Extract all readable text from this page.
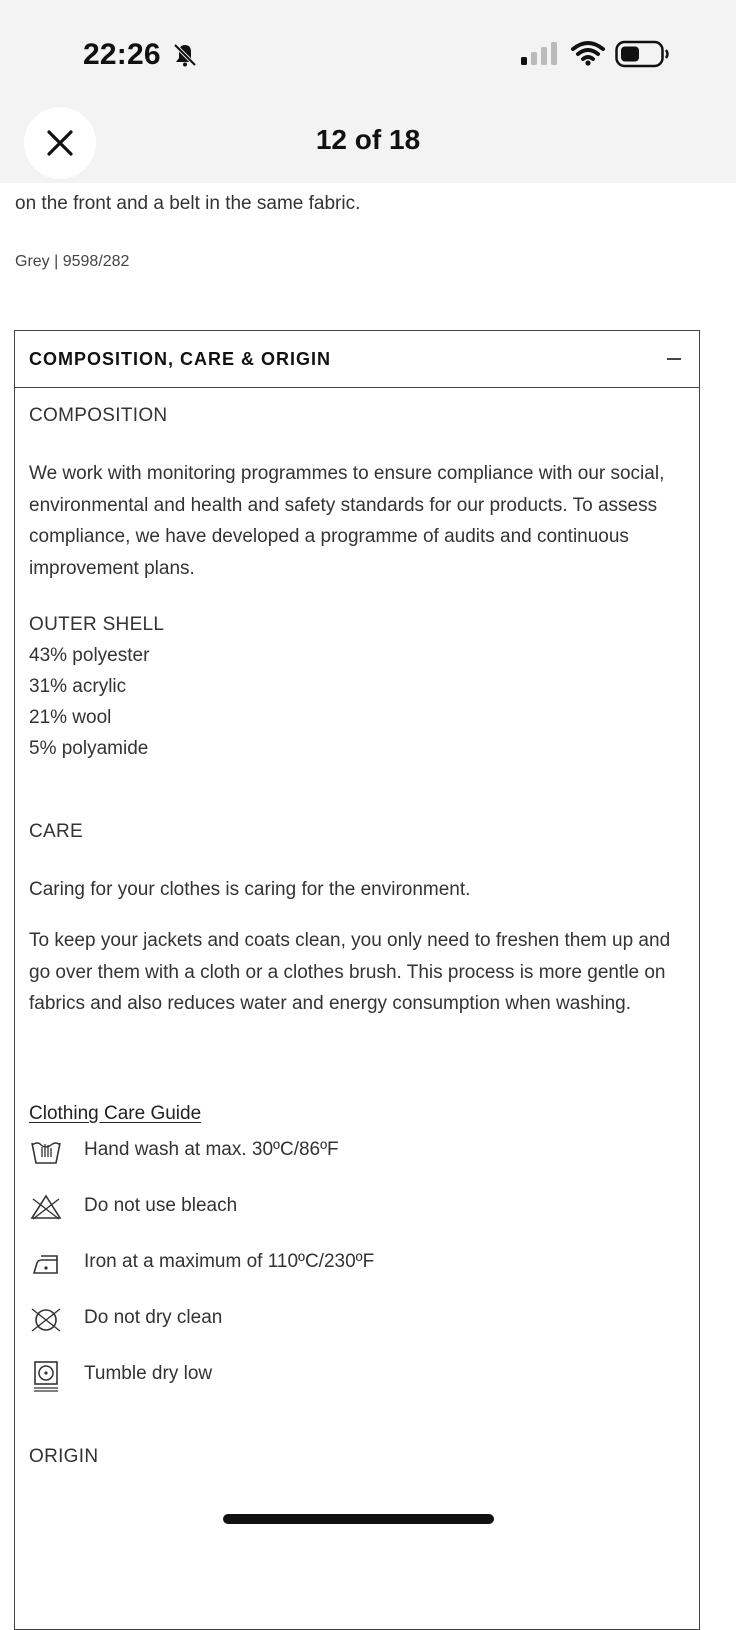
on the front and a belt in the same fabric.
Grey | 9598/282
COMPOSITION, CARE & ORIGIN
COMPOSITION
We work with monitoring programmes to ensure compliance with our social, environmental and health and safety standards for our products. To assess compliance, we have developed a programme of audits and continuous improvement plans.
OUTER SHELL
43% polyester
31% acrylic
21% wool
5% polyamide
CARE
Caring for your clothes is caring for the environment.
To keep your jackets and coats clean, you only need to freshen them up and go over them with a cloth or a clothes brush. This process is more gentle on fabrics and also reduces water and energy consumption when washing.
Clothing Care Guide
Hand wash at max. 30ºC/86ºF
Do not use bleach
Iron at a maximum of 110ºC/230ºF
Do not dry clean
Tumble dry low
ORIGIN
22:26
12 of 18
